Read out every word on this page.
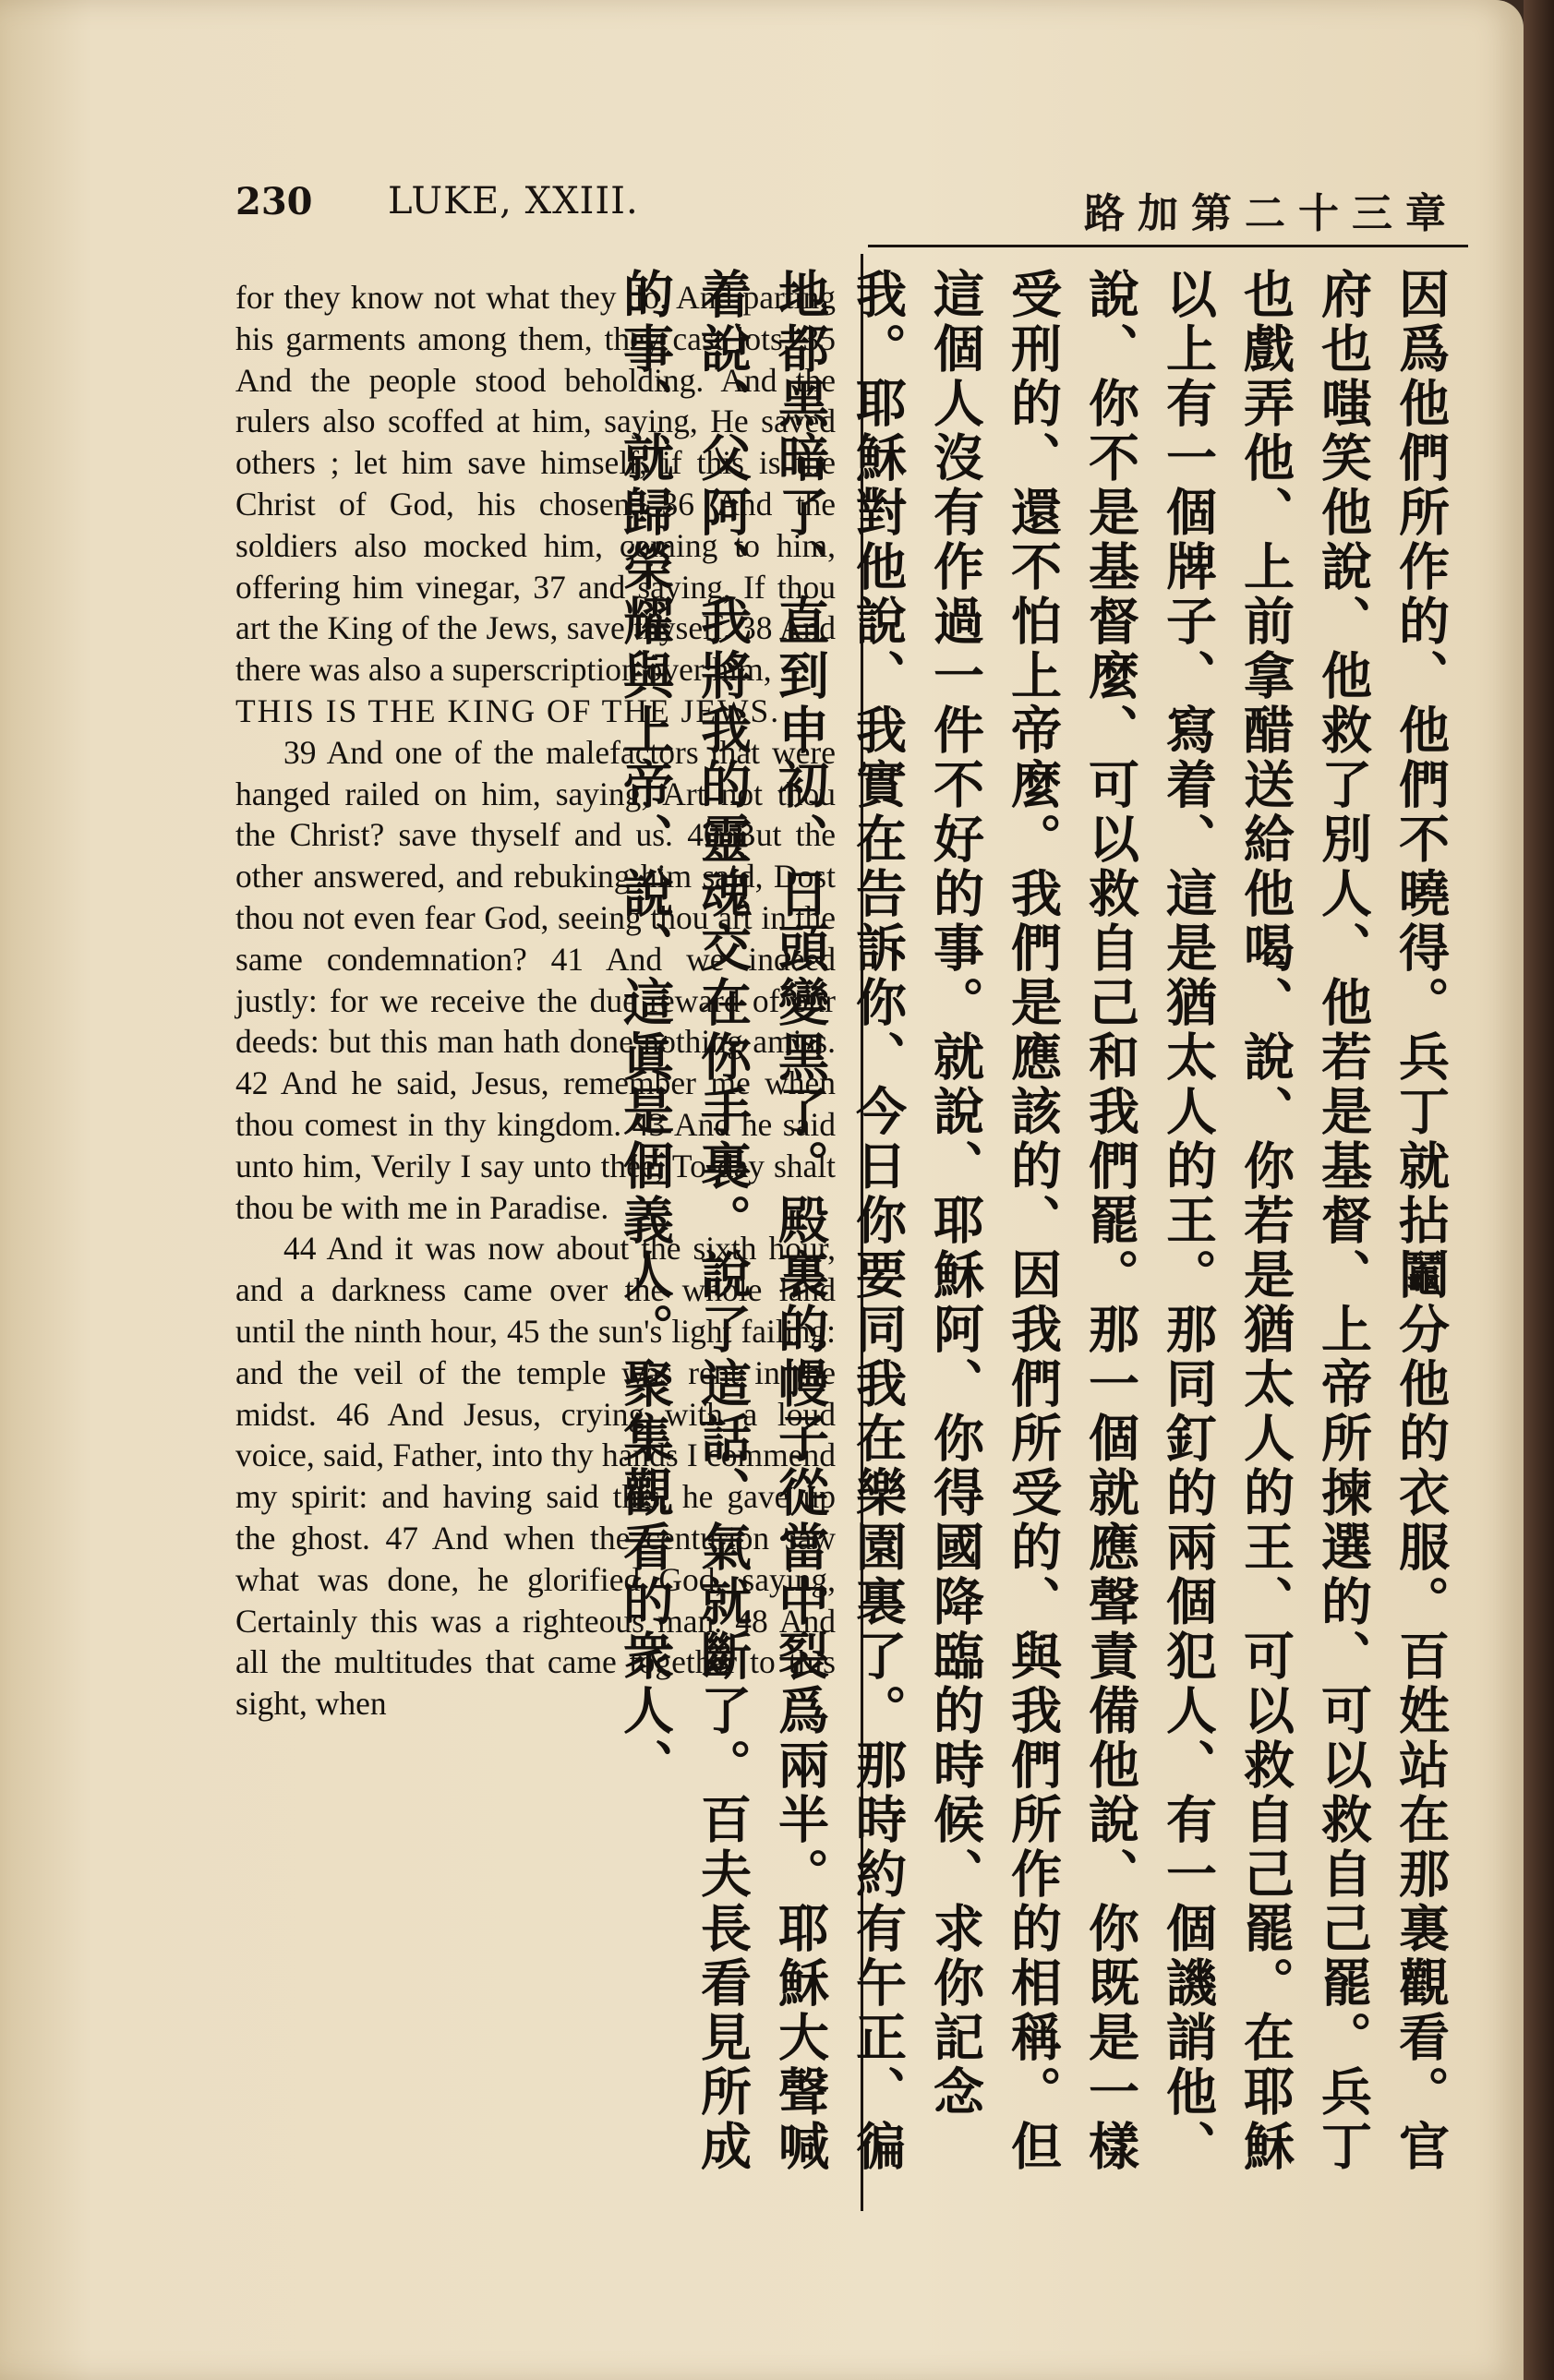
230 LUKE, XXIII.	路加第二十三章

for they know not what they do. And parting his garments among them, they cast lots. 35 And the people stood beholding. And the rulers also scoffed at him, saying, He saved others ; let him save himself, if this is the Christ of God, his chosen. 36 And the soldiers also mocked him, coming to him, offering him vinegar, 37 and saying, If thou art the King of the Jews, save thyself. 38 And there was also a superscription over him,

THIS IS THE KING OF THE JEWS.

39 And one of the malefactors that were hanged railed on him, saying, Art not thou the Christ? save thyself and us. 40 But the other answered, and rebuking him said, Dost thou not even fear God, seeing thou art in the same condemnation? 41 And we indeed justly: for we receive the due reward of our deeds: but this man hath done nothing amiss. 42 And he said, Jesus, remember me when thou comest in thy kingdom. 43 And he said unto him, Verily I say unto thee, To-day shalt thou be with me in Paradise.

44 And it was now about the sixth hour, and a darkness came over the whole land until the ninth hour, 45 the sun's light failing: and the veil of the temple was rent in the midst. 46 And Jesus, crying with a loud voice, said, Father, into thy hands I commend my spirit: and having said this, he gave up the ghost. 47 And when the centurion saw what was done, he glorified God, saying, Certainly this was a righteous man. 48 And all the multitudes that came together to this sight, when	因爲他們所作的、他們不曉得。兵丁就拈鬮分他的衣服。百姓站在那裏觀看。官府也嗤笑他說、他救了別人、他若是基督、上帝所揀選的、可以救自己罷。兵丁也戲弄他、上前拿醋送給他喝、說、你若是猶太人的王、可以救自己罷。在耶穌以上有一個牌子、寫着、這是猶太人的王。那同釘的兩個犯人、有一個譏誚他、說、你不是基督麼、可以救自己和我們罷。那一個就應聲責備他說、你既是一樣受刑的、還不怕上帝麼。我們是應該的、因我們所受的、與我們所作的相稱。但這個人沒有作過一件不好的事。就說、耶穌阿、你得國降臨的時候、求你記念我。耶穌對他說、我實在告訴你、今日你要同我在樂園裏了。那時約有午正、徧地都黑暗了、直到申初、日頭變黑了。殿裏的幔子從當中裂爲兩半。耶穌大聲喊着說、父阿、我將我的靈魂交在你手裏。說了這話、氣就斷了。百夫長看見所成的事、就歸榮耀與上帝、說、這眞是個義人。聚集觀看的衆人、
